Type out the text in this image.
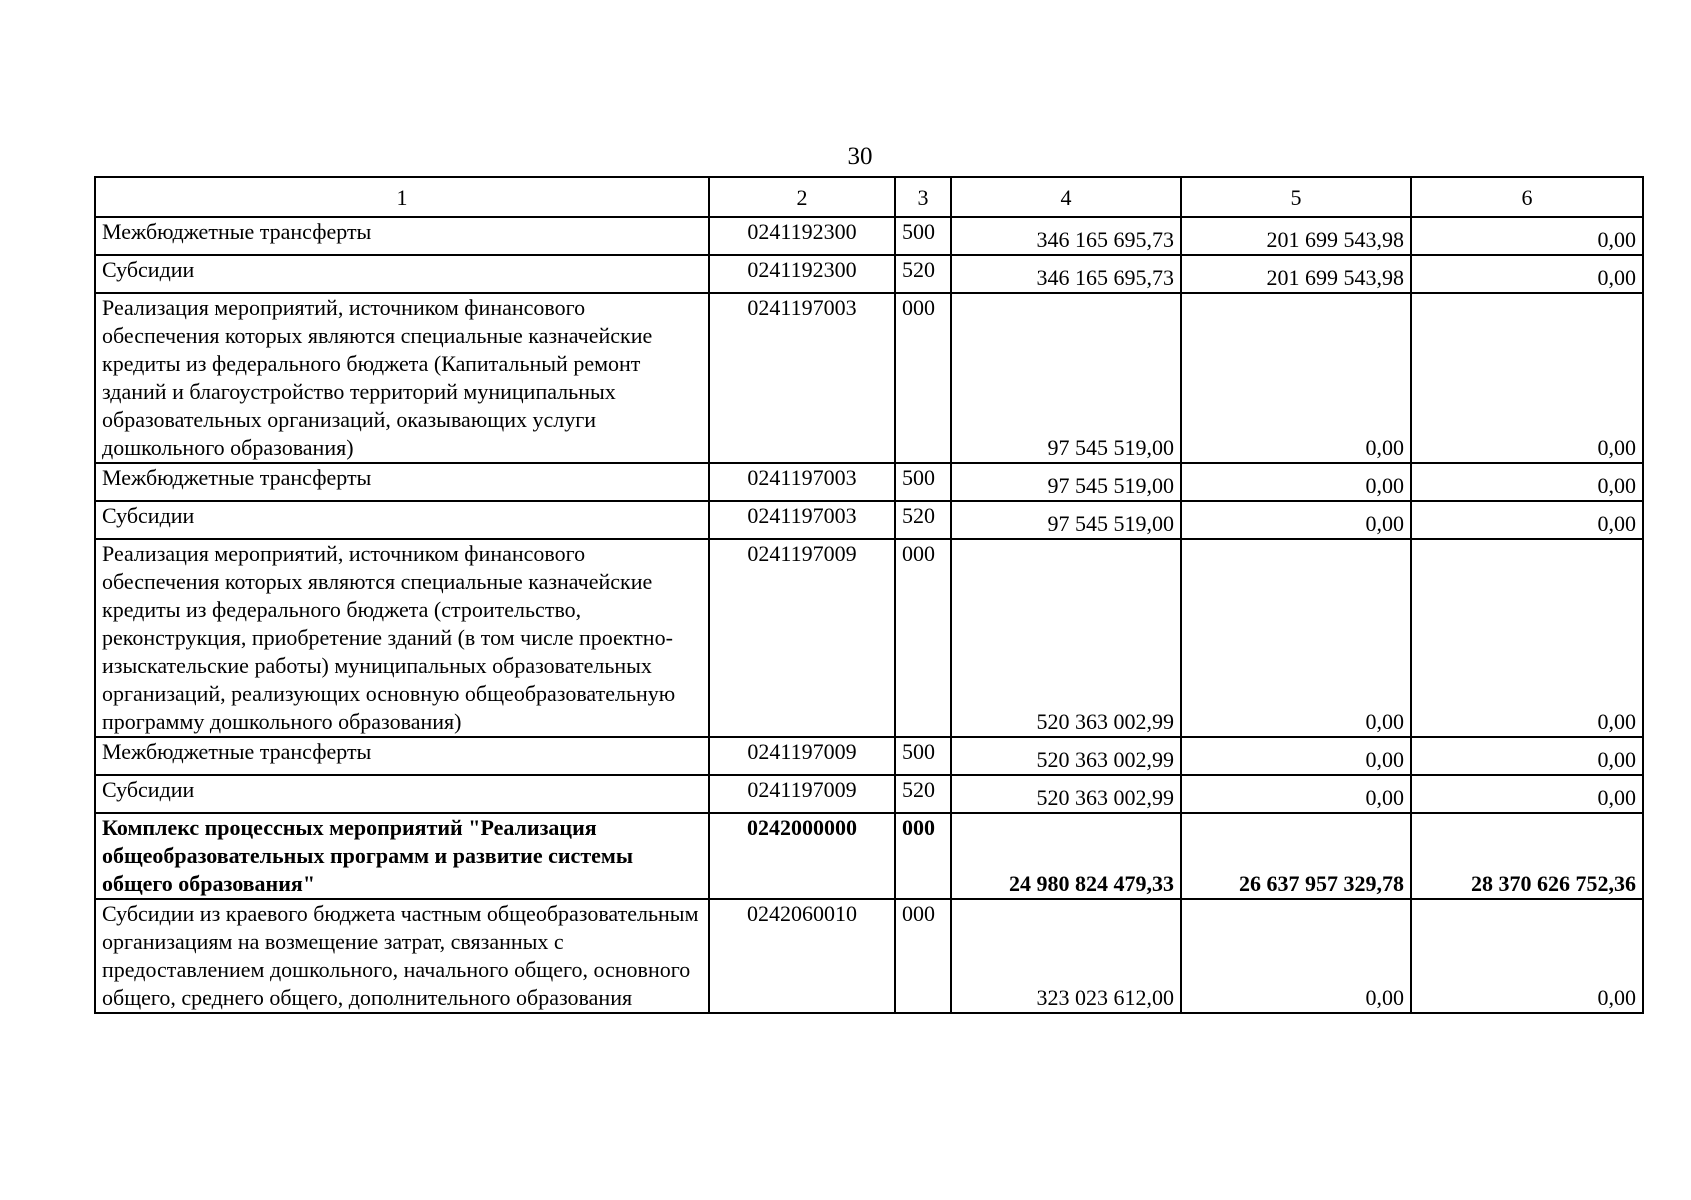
30
1	2	3	4	5	6
Межбюджетные трансферты	0241192300	500	346 165 695,73	201 699 543,98	0,00
Субсидии	0241192300	520	346 165 695,73	201 699 543,98	0,00
Реализация мероприятий, источником финансового обеспечения которых являются специальные казначейские кредиты из федерального бюджета (Капитальный ремонт зданий и благоустройство территорий муниципальных образовательных организаций, оказывающих услуги дошкольного образования)	0241197003	000	97 545 519,00	0,00	0,00
Межбюджетные трансферты	0241197003	500	97 545 519,00	0,00	0,00
Субсидии	0241197003	520	97 545 519,00	0,00	0,00
Реализация мероприятий, источником финансового обеспечения которых являются специальные казначейские кредиты из федерального бюджета (строительство, реконструкция, приобретение зданий (в том числе проектно-изыскательские работы) муниципальных образовательных организаций, реализующих основную общеобразовательную программу дошкольного образования)	0241197009	000	520 363 002,99	0,00	0,00
Межбюджетные трансферты	0241197009	500	520 363 002,99	0,00	0,00
Субсидии	0241197009	520	520 363 002,99	0,00	0,00
Комплекс процессных мероприятий "Реализация общеобразовательных программ и развитие системы общего образования"	0242000000	000	24 980 824 479,33	26 637 957 329,78	28 370 626 752,36
Субсидии из краевого бюджета частным общеобразовательным организациям на возмещение затрат, связанных с предоставлением дошкольного, начального общего, основного общего, среднего общего, дополнительного образования	0242060010	000	323 023 612,00	0,00	0,00
